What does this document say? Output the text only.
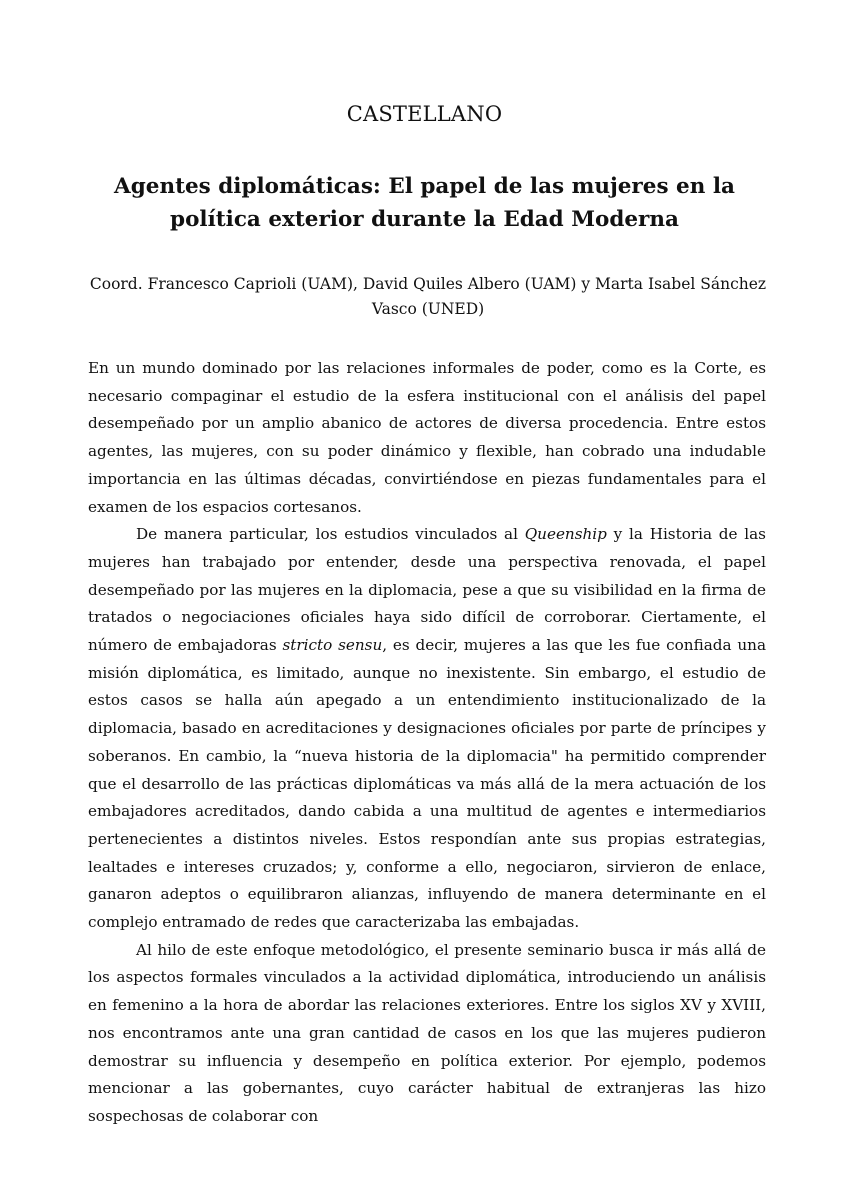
CASTELLANO
Agentes diplomáticas: El papel de las mujeres en la política exterior durante la Edad Moderna

Coord. Francesco Caprioli (UAM), David Quiles Albero (UAM) y Marta Isabel Sánchez Vasco (UNED)

En un mundo dominado por las relaciones informales de poder, como es la Corte, es necesario compaginar el estudio de la esfera institucional con el análisis del papel desempeñado por un amplio abanico de actores de diversa procedencia. Entre estos agentes, las mujeres, con su poder dinámico y flexible, han cobrado una indudable importancia en las últimas décadas, convirtiéndose en piezas fundamentales para el examen de los espacios cortesanos.

De manera particular, los estudios vinculados al Queenship y la Historia de las mujeres han trabajado por entender, desde una perspectiva renovada, el papel desempeñado por las mujeres en la diplomacia, pese a que su visibilidad en la firma de tratados o negociaciones oficiales haya sido difícil de corroborar. Ciertamente, el número de embajadoras stricto sensu, es decir, mujeres a las que les fue confiada una misión diplomática, es limitado, aunque no inexistente. Sin embargo, el estudio de estos casos se halla aún apegado a un entendimiento institucionalizado de la diplomacia, basado en acreditaciones y designaciones oficiales por parte de príncipes y soberanos. En cambio, la “nueva historia de la diplomacia" ha permitido comprender que el desarrollo de las prácticas diplomáticas va más allá de la mera actuación de los embajadores acreditados, dando cabida a una multitud de agentes e intermediarios pertenecientes a distintos niveles. Estos respondían ante sus propias estrategias, lealtades e intereses cruzados; y, conforme a ello, negociaron, sirvieron de enlace, ganaron adeptos o equilibraron alianzas, influyendo de manera determinante en el complejo entramado de redes que caracterizaba las embajadas.

Al hilo de este enfoque metodológico, el presente seminario busca ir más allá de los aspectos formales vinculados a la actividad diplomática, introduciendo un análisis en femenino a la hora de abordar las relaciones exteriores. Entre los siglos XV y XVIII, nos encontramos ante una gran cantidad de casos en los que las mujeres pudieron demostrar su influencia y desempeño en política exterior. Por ejemplo, podemos mencionar a las gobernantes, cuyo carácter habitual de extranjeras las hizo sospechosas de colaborar con
